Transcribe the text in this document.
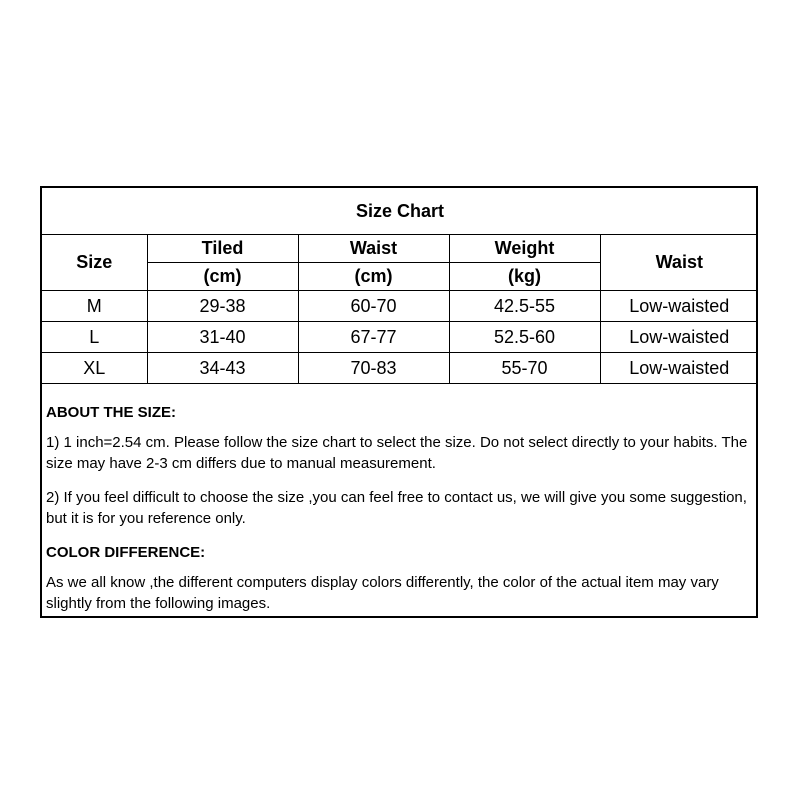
Size Chart				
Size	Tiled	Waist	Weight	Waist
	(cm)	(cm)	(kg)	
M	29-38	60-70	42.5-55	Low-waisted
L	31-40	67-77	52.5-60	Low-waisted
XL	34-43	70-83	55-70	Low-waisted

ABOUT THE SIZE:

1) 1 inch=2.54 cm. Please follow the size chart to select the size. Do not select directly to your habits. The size may have 2-3 cm differs due to manual measurement.

2) If you feel difficult to choose the size ,you can feel free to contact us, we will give you some suggestion, but it is for you reference only.

COLOR DIFFERENCE:

As we all know ,the different computers display colors differently, the color of the actual item may vary slightly from the following images.
